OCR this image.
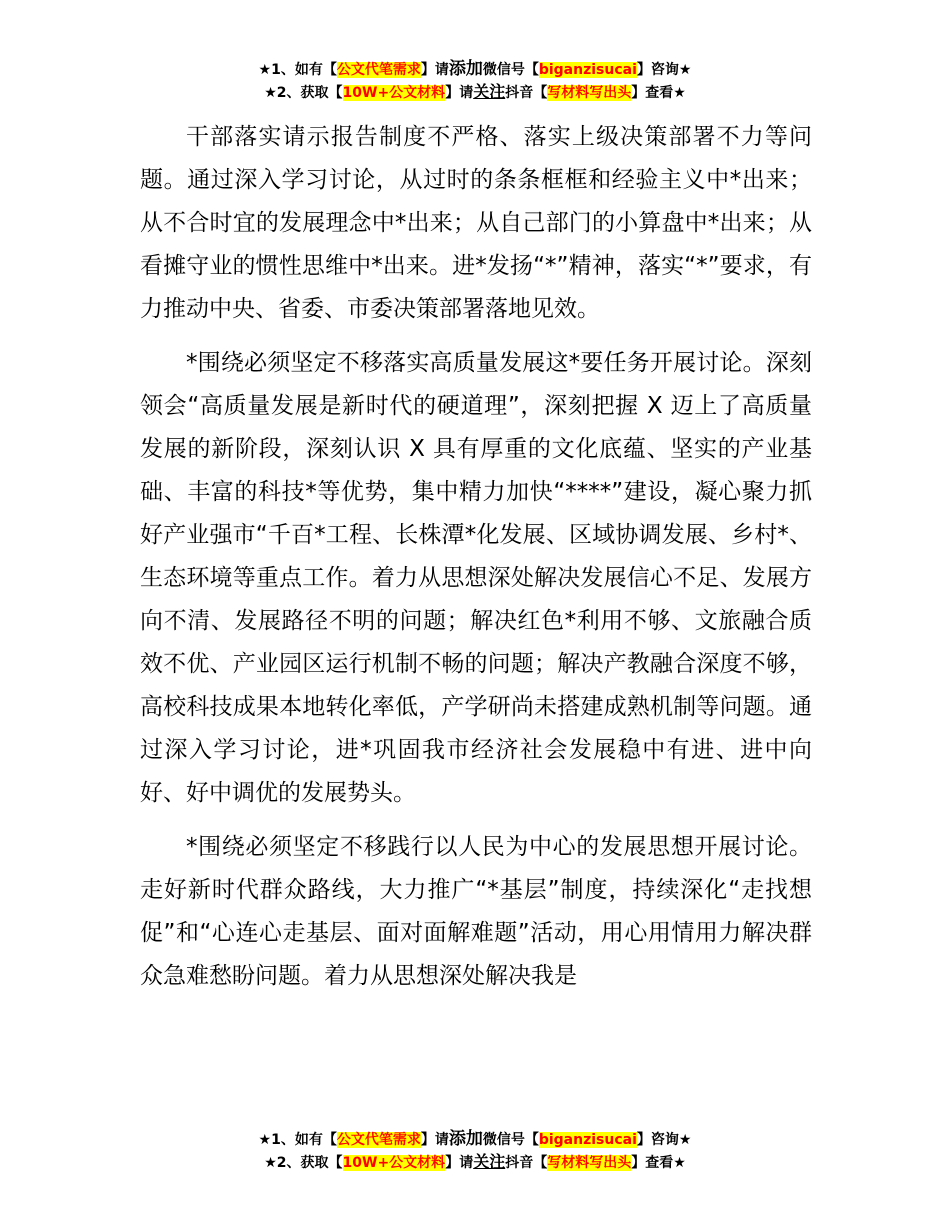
★1、如有【公文代笔需求】请添加微信号【biganzisucai】咨询★
★2、获取【10W+公文材料】请关注抖音【写材料写出头】查看★

干部落实请示报告制度不严格、落实上级决策部署不力等问题。通过深入学习讨论，从过时的条条框框和经验主义中*出来；从不合时宜的发展理念中*出来；从自己部门的小算盘中*出来；从看摊守业的惯性思维中*出来。进*发扬“*”精神，落实“*”要求，有力推动中央、省委、市委决策部署落地见效。

*围绕必须坚定不移落实高质量发展这*要任务开展讨论。深刻领会“高质量发展是新时代的硬道理”，深刻把握 X 迈上了高质量发展的新阶段，深刻认识 X 具有厚重的文化底蕴、坚实的产业基础、丰富的科技*等优势，集中精力加快“****”建设，凝心聚力抓好产业强市“千百*工程、长株潭*化发展、区域协调发展、乡村*、生态环境等重点工作。着力从思想深处解决发展信心不足、发展方向不清、发展路径不明的问题；解决红色*利用不够、文旅融合质效不优、产业园区运行机制不畅的问题；解决产教融合深度不够，高校科技成果本地转化率低，产学研尚未搭建成熟机制等问题。通过深入学习讨论，进*巩固我市经济社会发展稳中有进、进中向好、好中调优的发展势头。

*围绕必须坚定不移践行以人民为中心的发展思想开展讨论。走好新时代群众路线，大力推广“*基层”制度，持续深化“走找想促”和“心连心走基层、面对面解难题”活动，用心用情用力解决群众急难愁盼问题。着力从思想深处解决我是

★1、如有【公文代笔需求】请添加微信号【biganzisucai】咨询★
★2、获取【10W+公文材料】请关注抖音【写材料写出头】查看★
